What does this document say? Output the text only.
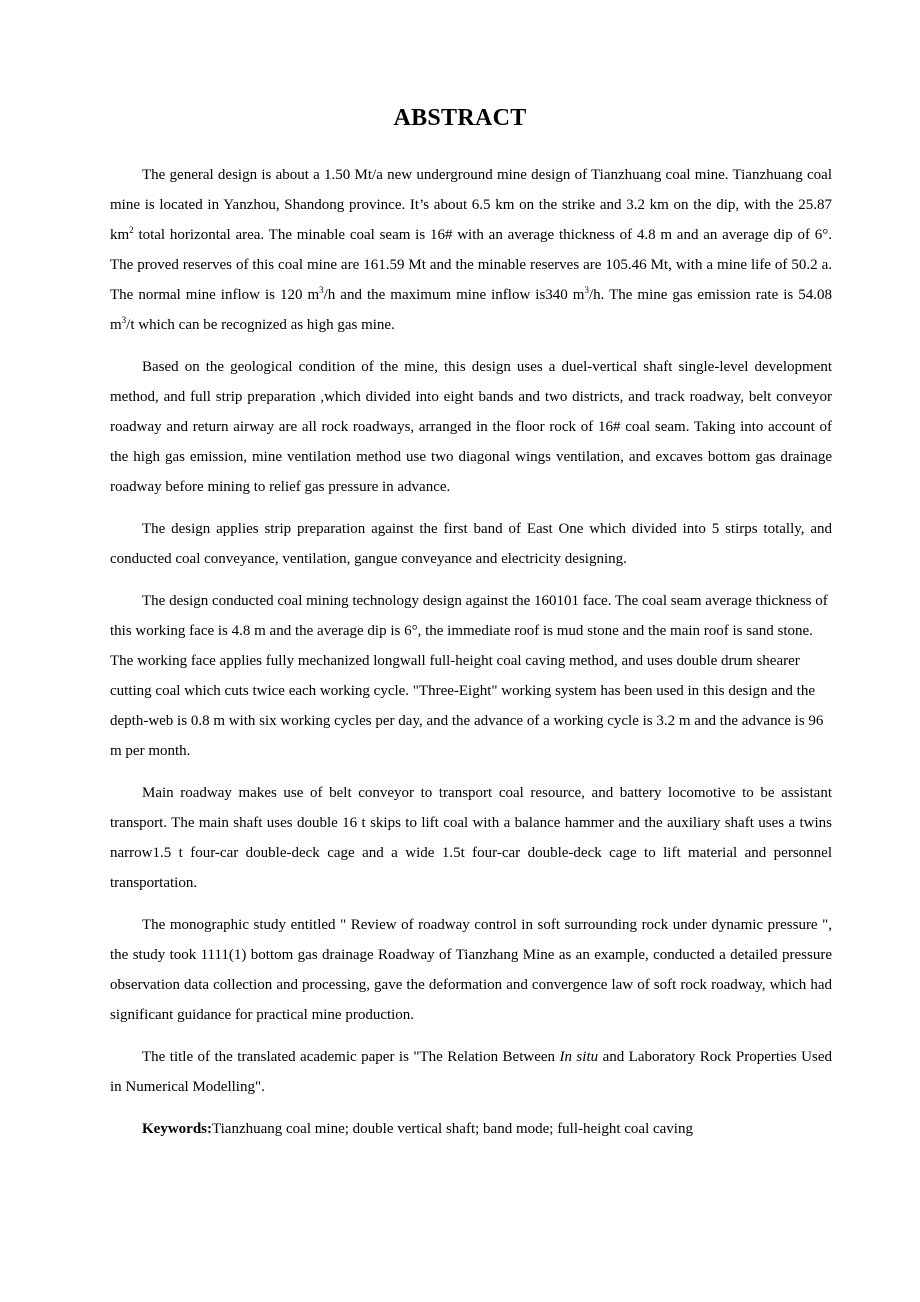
ABSTRACT

The general design is about a 1.50 Mt/a new underground mine design of Tianzhuang coal mine. Tianzhuang coal mine is located in Yanzhou, Shandong province. It’s about 6.5 km on the strike and 3.2 km on the dip, with the 25.87 $km^2$ total horizontal area. The minable coal seam is 16# with an average thickness of 4.8 m and an average dip of 6°. The proved reserves of this coal mine are 161.59 Mt and the minable reserves are 105.46 Mt, with a mine life of 50.2 a. The normal mine inflow is 120 $m^3/h$ and the maximum mine inflow is340 $m^3/h$. The mine gas emission rate is 54.08 $m^3/t$ which can be recognized as high gas mine.

Based on the geological condition of the mine, this design uses a duel-vertical shaft single-level development method, and full strip preparation ,which divided into eight bands and two districts, and track roadway, belt conveyor roadway and return airway are all rock roadways, arranged in the floor rock of 16# coal seam. Taking into account of the high gas emission, mine ventilation method use two diagonal wings ventilation, and excaves bottom gas drainage roadway before mining to relief gas pressure in advance.

The design applies strip preparation against the first band of East One which divided into 5 stirps totally, and conducted coal conveyance, ventilation, gangue conveyance and electricity designing.

The design conducted coal mining technology design against the 160101 face. The coal seam average thickness of this working face is 4.8 m and the average dip is 6°, the immediate roof is mud stone and the main roof is sand stone. The working face applies fully mechanized longwall full-height coal caving method, and uses double drum shearer cutting coal which cuts twice each working cycle. "Three-Eight" working system has been used in this design and the depth-web is 0.8 m with six working cycles per day, and the advance of a working cycle is 3.2 m and the advance is 96 m per month.

Main roadway makes use of belt conveyor to transport coal resource, and battery locomotive to be assistant transport. The main shaft uses double 16 t skips to lift coal with a balance hammer and the auxiliary shaft uses a twins narrow1.5 t four-car double-deck cage and a wide 1.5t four-car double-deck cage to lift material and personnel transportation.

The monographic study entitled " Review of roadway control in soft surrounding rock under dynamic pressure ", the study took 1111(1) bottom gas drainage Roadway of Tianzhang Mine as an example, conducted a detailed pressure observation data collection and processing, gave the deformation and convergence law of soft rock roadway, which had significant guidance for practical mine production.

The title of the translated academic paper is "The Relation Between In situ and Laboratory Rock Properties Used in Numerical Modelling".

Keywords:Tianzhuang coal mine; double vertical shaft; band mode; full-height coal caving
